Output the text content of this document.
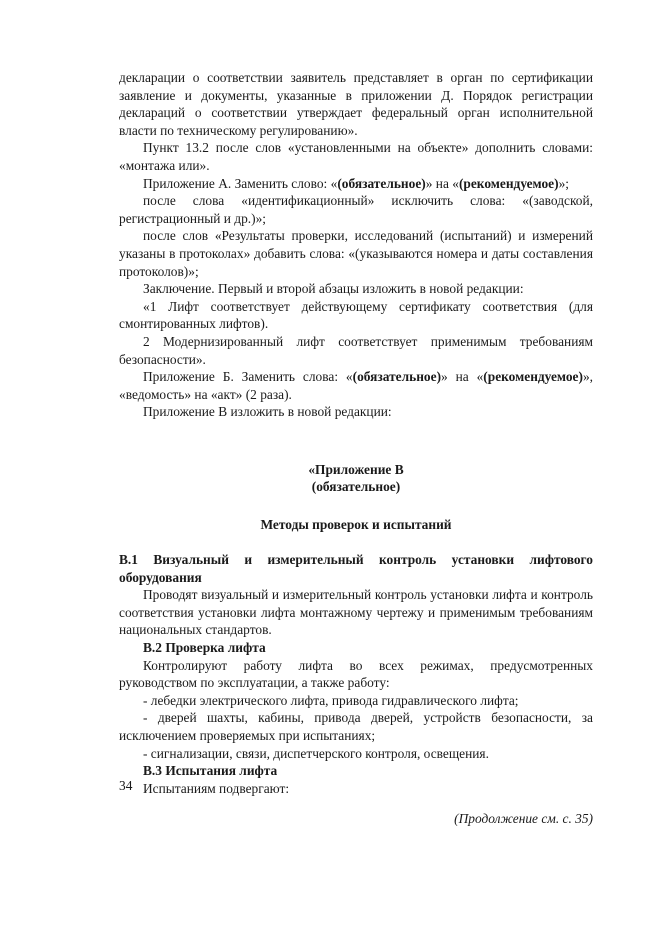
декларации о соответствии заявитель представляет в орган по сертификации заявление и документы, указанные в приложении Д. Порядок регистрации деклараций о соответствии утверждает федеральный орган исполнительной власти по техническому регулированию».

Пункт 13.2 после слов «установленными на объекте» дополнить словами: «монтажа или».

Приложение А. Заменить слово: «(обязательное)» на «(рекомендуемое)»;

после слова «идентификационный» исключить слова: «(заводской, регистрационный и др.)»;

после слов «Результаты проверки, исследований (испытаний) и измерений указаны в протоколах» добавить слова: «(указываются номера и даты составления протоколов)»;

Заключение. Первый и второй абзацы изложить в новой редакции:

«1 Лифт соответствует действующему сертификату соответствия (для смонтированных лифтов).

2 Модернизированный лифт соответствует применимым требованиям безопасности».

Приложение Б. Заменить слова: «(обязательное)» на «(рекомендуемое)», «ведомость» на «акт» (2 раза).

Приложение В изложить в новой редакции:

«Приложение В

(обязательное)

Методы проверок и испытаний

В.1 Визуальный и измерительный контроль установки лифтового оборудования

Проводят визуальный и измерительный контроль установки лифта и контроль соответствия установки лифта монтажному чертежу и применимым требованиям национальных стандартов.

В.2 Проверка лифта

Контролируют работу лифта во всех режимах, предусмотренных руководством по эксплуатации, а также работу:

- лебедки электрического лифта, привода гидравлического лифта;

- дверей шахты, кабины, привода дверей, устройств безопасности, за исключением проверяемых при испытаниях;

- сигнализации, связи, диспетчерского контроля, освещения.

В.3 Испытания лифта

Испытаниям подвергают:

(Продолжение см. с. 35)

34
